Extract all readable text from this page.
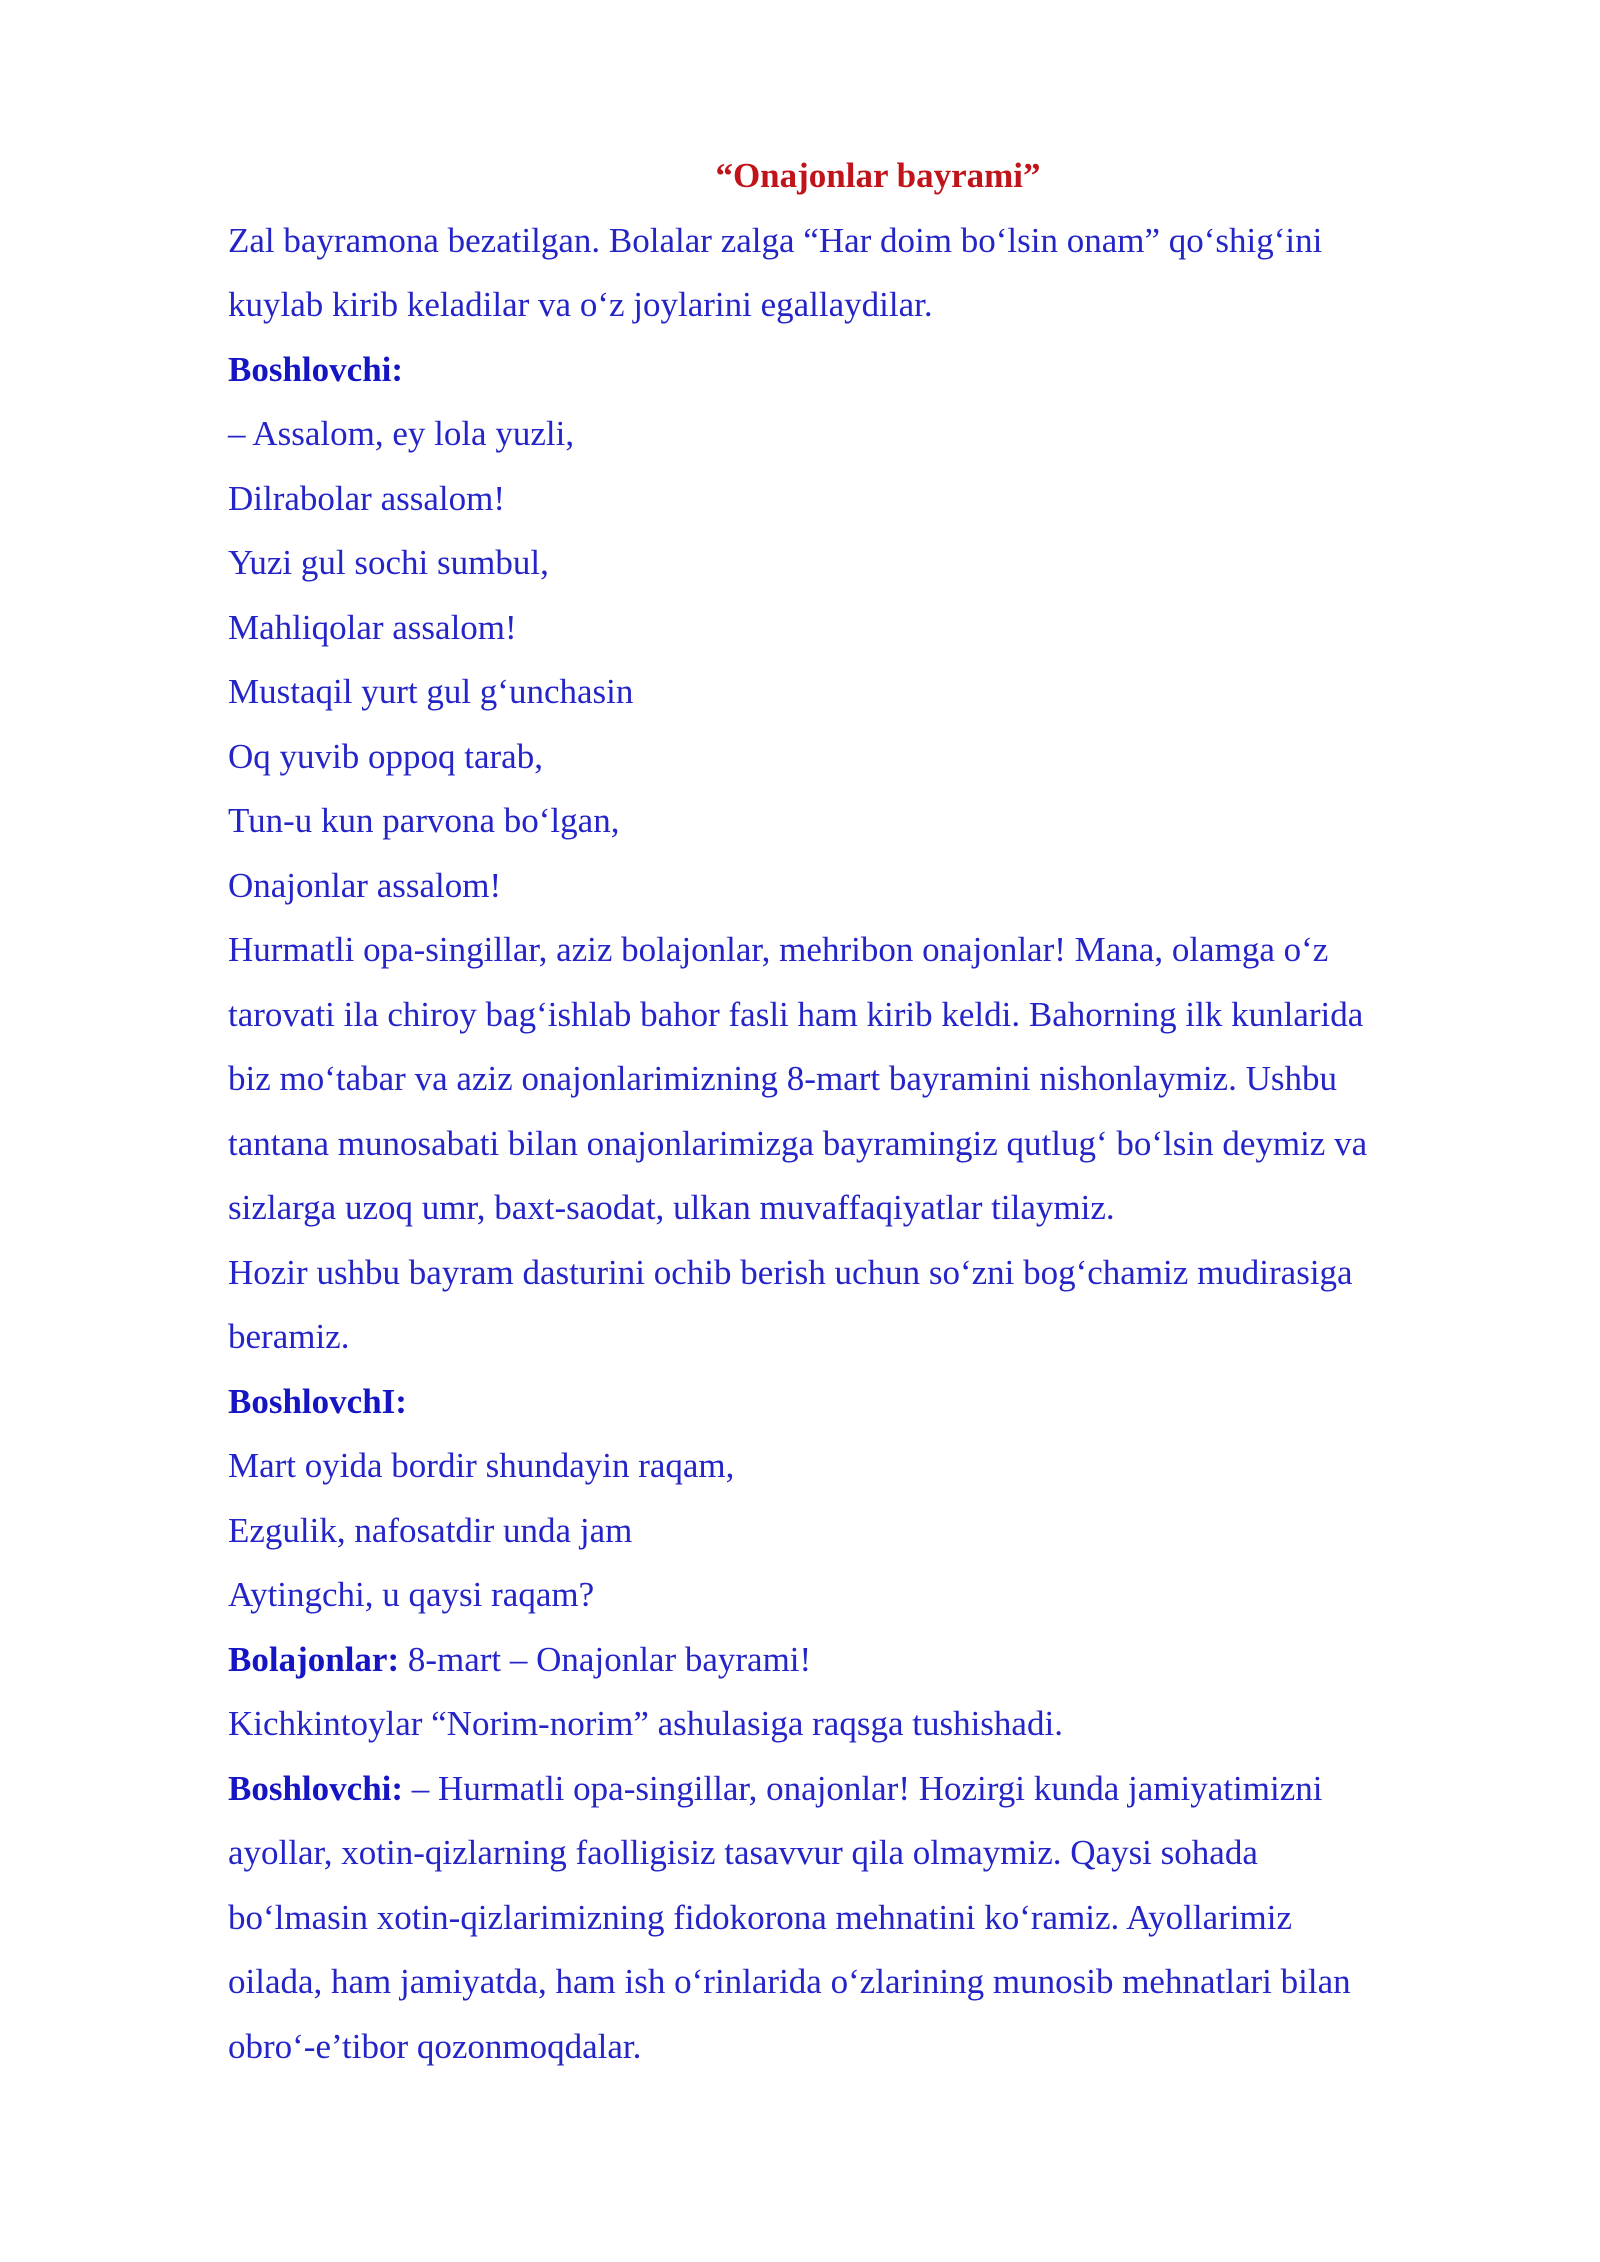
“Onajonlar bayrami”

Zal bayramona bezatilgan. Bolalar zalga “Har doim bo‘lsin onam” qo‘shig‘ini

kuylab kirib keladilar va o‘z joylarini egallaydilar.

Boshlovchi:

– Assalom, ey lola yuzli,

Dilrabolar assalom!

Yuzi gul sochi sumbul,

Mahliqolar assalom!

Mustaqil yurt gul g‘unchasin

Oq yuvib oppoq tarab,

Tun-u kun parvona bo‘lgan,

Onajonlar assalom!

Hurmatli opa-singillar, aziz bolajonlar, mehribon onajonlar! Mana, olamga o‘z

tarovati ila chiroy bag‘ishlab bahor fasli ham kirib keldi. Bahorning ilk kunlarida

biz mo‘tabar va aziz onajonlarimizning 8-mart bayramini nishonlaymiz. Ushbu

tantana munosabati bilan onajonlarimizga bayramingiz qutlug‘ bo‘lsin deymiz va

sizlarga uzoq umr, baxt-saodat, ulkan muvaffaqiyatlar tilaymiz.

Hozir ushbu bayram dasturini ochib berish uchun so‘zni bog‘chamiz mudirasiga

beramiz.

BoshlovchI:

Mart oyida bordir shundayin raqam,

Ezgulik, nafosatdir unda jam

Aytingchi, u qaysi raqam?

Bolajonlar: 8-mart – Onajonlar bayrami!

Kichkintoylar “Norim-norim” ashulasiga raqsga tushishadi.

Boshlovchi: – Hurmatli opa-singillar, onajonlar! Hozirgi kunda jamiyatimizni

ayollar, xotin-qizlarning faolligisiz tasavvur qila olmaymiz. Qaysi sohada

bo‘lmasin xotin-qizlarimizning fidokorona mehnatini ko‘ramiz. Ayollarimiz

oilada, ham jamiyatda, ham ish o‘rinlarida o‘zlarining munosib mehnatlari bilan

obro‘-e’tibor qozonmoqdalar.
